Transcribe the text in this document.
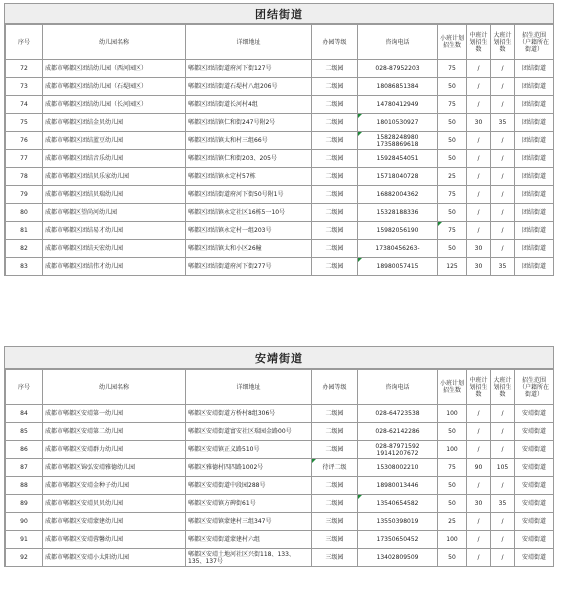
团结街道
序号	幼儿园名称	详细地址	办园等级	咨询电话	小班计划招生数	中班计划招生数	大班计划招生数	招生范围（户籍所在街道）
72	成都市郫都区团结幼儿园（西河园区）	郫都区团结街道府河下街127号	二级园	028-87952203	75	/	/	团结街道
73	成都市郫都区团结幼儿园（石堤园区）	郫都区团结街道石堤村八组206号	二级园	18086851384	50	/	/	团结街道
74	成都市郫都区团结幼儿园（长河园区）	郫都区团结街道长河村4组	二级园	14780412949	75	/	/	团结街道
75	成都市郫都区团结金贝幼儿园	郫都区团结镇仁和街247号附2号	二级园	18010530927	50	30	35	团结街道
76	成都市郫都区团结蓝豆幼儿园	郫都区团结镇太和村三组66号	二级园	15828248980
17358869618	50	/	/	团结街道
77	成都市郫都区团结音乐幼儿园	郫都区团结镇仁和街203、205号	二级园	15928454051	50	/	/	团结街道
78	成都市郫都区团结贝乐家幼儿园	郫都区团结镇永定村57栋	二级园	15718040728	25	/	/	团结街道
79	成都市郫都区团结贝瑞幼儿园	郫都区团结街道府河下街50号附1号	二级园	16882004362	75	/	/	团结街道
80	成都市郫都区望尚河幼儿园	郫都区团结镇永定社区16栋5一10号	二级园	15328188336	50	/	/	团结街道
81	成都市郫都区团结易才幼儿园	郫都区团结镇永定村一组203号	二级园	15982056190	75	/	/	团结街道
82	成都市郫都区团结天宏幼儿园	郫都区团结镇太和小区26幢	二级园	17380456263-	50	30	/	团结街道
83	成都市郫都区团结伟才幼儿园	郫都区团结街道府河下街277号	二级园	18980057415	125	30	35	团结街道
安靖街道
序号	幼儿园名称	详细地址	办园等级	咨询电话	小班计划招生数	中班计划招生数	大班计划招生数	招生范围（户籍所在街道）
84	成都市郫都区安靖第一幼儿园	郫都区安靖街道方桥村8组306号	二级园	028-64723538	100	/	/	安靖街道
85	成都市郫都区安靖第二幼儿园	郫都区安靖街道富安社区瑞园金路00号	二级园	028-62142286	50	/	/	安靖街道
86	成都市郫都区安靖群力幼儿园	郫都区安靖镇正义路510号	二级园	028-87971592
19141207672	100	/	/	安靖街道
87	成都市郫都区锦弘安靖雅德幼儿园	郫都区雅德村四四路1002号	待评二级	15308002210	75	90	105	安靖街道
88	成都市郫都区安靖金种子幼儿园	郫都区安靖街道中段园288号	二级园	18980013446	50	/	/	安靖街道
89	成都市郫都区安靖贝贝幼儿园	郫都区安靖镇方碑街61号	二级园	13540654582	50	30	35	安靖街道
90	成都市郫都区安靖蒙建幼儿园	郫都区安靖镇蒙建村三组347号	三级园	13550398019	25	/	/	安靖街道
91	成都市郫都区安靖蓉馨幼儿园	郫都区安靖街道蒙建村六组	三级园	17350650452	100	/	/	安靖街道
92	成都市郫都区安靖小太阳幼儿园	郫都区安靖土地河社区兴街118、133、135、137号	三级园	13402809509	50	/	/	安靖街道
